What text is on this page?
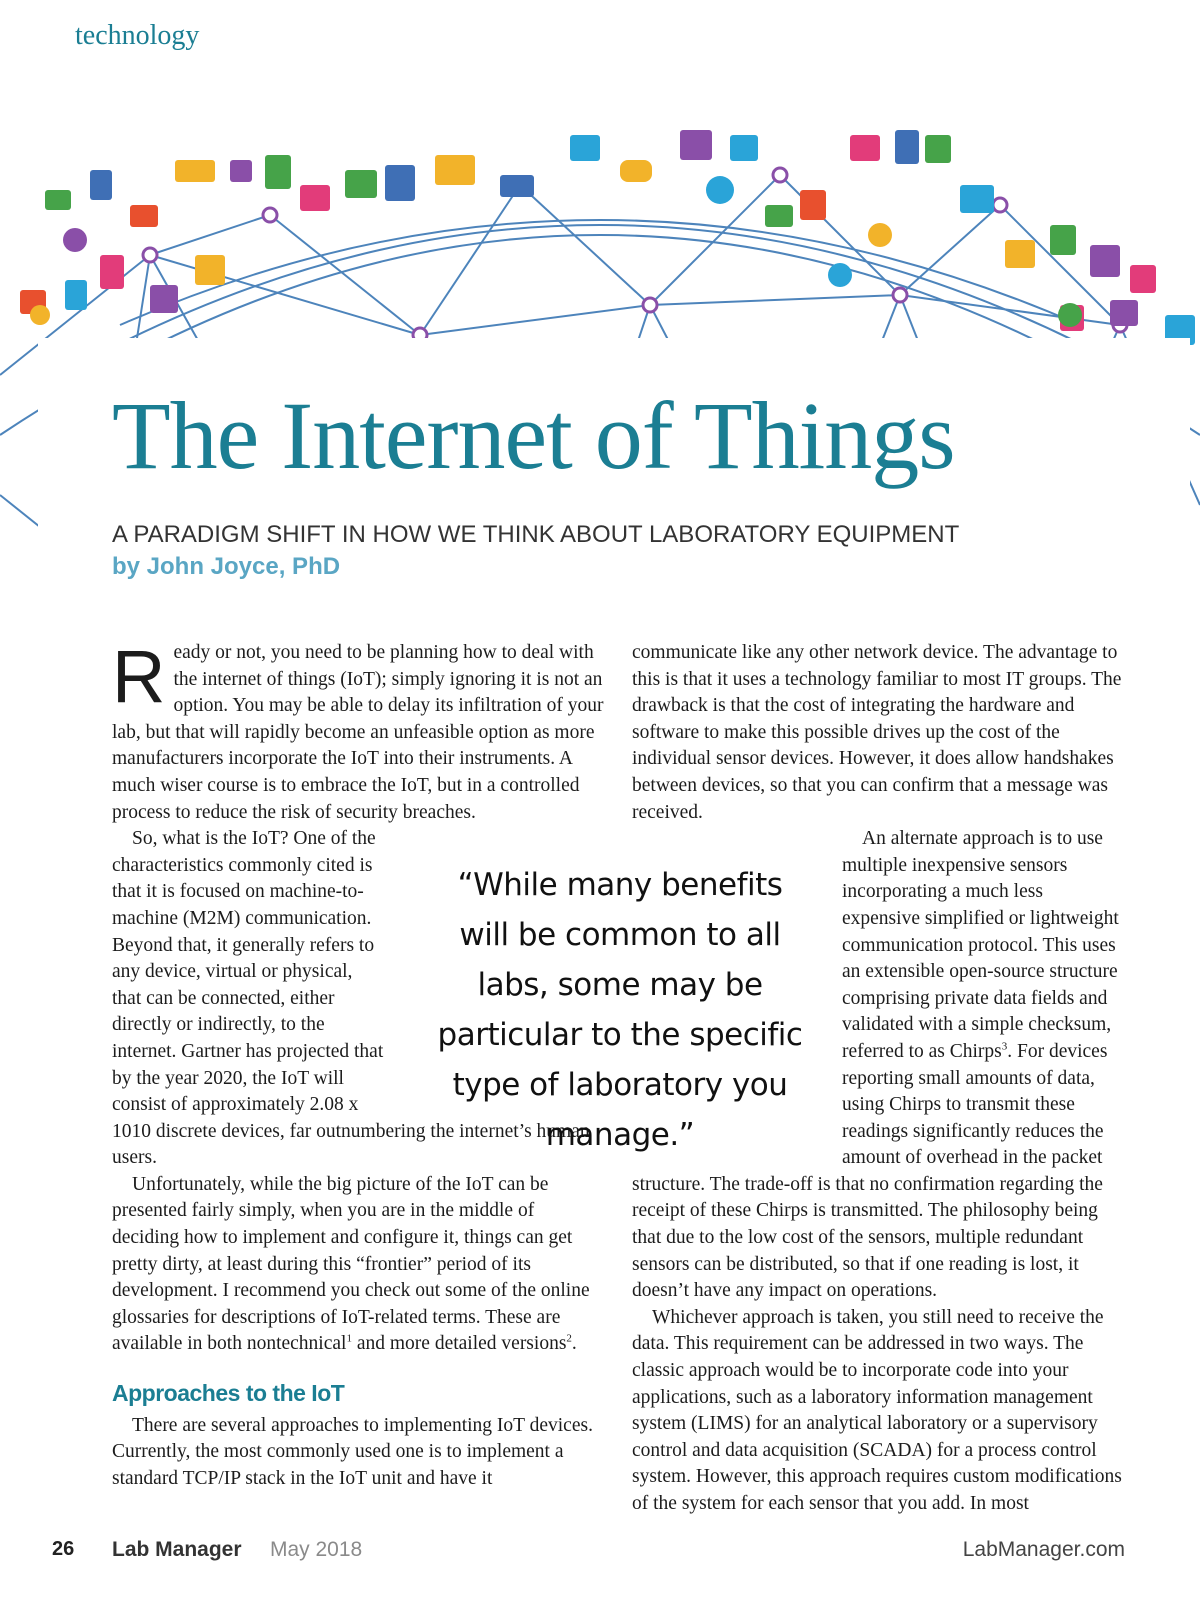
technology
The Internet of Things
A PARADIGM SHIFT IN HOW WE THINK ABOUT LABORATORY EQUIPMENT
by John Joyce, PhD

Ready or not, you need to be planning how to deal with the internet of things (IoT); simply ignoring it is not an option. You may be able to delay its infiltration of your lab, but that will rapidly become an unfeasible option as more manufacturers incorporate the IoT into their instruments. A much wiser course is to embrace the IoT, but in a controlled process to reduce the risk of security breaches.

So, what is the IoT? One of the characteristics commonly cited is that it is focused on machine-to-machine (M2M) communication. Beyond that, it generally refers to any device, virtual or physical, that can be connected, either directly or indirectly, to the internet. Gartner has projected that by the year 2020, the IoT will consist of approximately 2.08 x 1010 discrete devices, far outnumbering the internet’s human users.

Unfortunately, while the big picture of the IoT can be presented fairly simply, when you are in the middle of deciding how to implement and configure it, things can get pretty dirty, at least during this “frontier” period of its development. I recommend you check out some of the online glossaries for descriptions of IoT-related terms. These are available in both nontechnical$^1$ and more detailed versions$^2$.

Approaches to the IoT

There are several approaches to implementing IoT devices. Currently, the most commonly used one is to implement a standard TCP/IP stack in the IoT unit and have it

communicate like any other network device. The advantage to this is that it uses a technology familiar to most IT groups. The drawback is that the cost of integrating the hardware and software to make this possible drives up the cost of the individual sensor devices. However, it does allow handshakes between devices, so that you can confirm that a message was received.

An alternate approach is to use multiple inexpensive sensors incorporating a much less expensive simplified or lightweight communication protocol. This uses an extensible open-source structure comprising private data fields and validated with a simple checksum, referred to as Chirps$^3$. For devices reporting small amounts of data, using Chirps to transmit these readings significantly reduces the amount of overhead in the packet structure. The trade-off is that no confirmation regarding the receipt of these Chirps is transmitted. The philosophy being that due to the low cost of the sensors, multiple redundant sensors can be distributed, so that if one reading is lost, it doesn’t have any impact on operations.

Whichever approach is taken, you still need to receive the data. This requirement can be addressed in two ways. The classic approach would be to incorporate code into your applications, such as a laboratory information management system (LIMS) for an analytical laboratory or a supervisory control and data acquisition (SCADA) for a process control system. However, this approach requires custom modifications of the system for each sensor that you add. In most

“While many benefits will be common to all labs, some may be particular to the specific type of laboratory you manage.”
26 Lab Manager May 2018	LabManager.com
